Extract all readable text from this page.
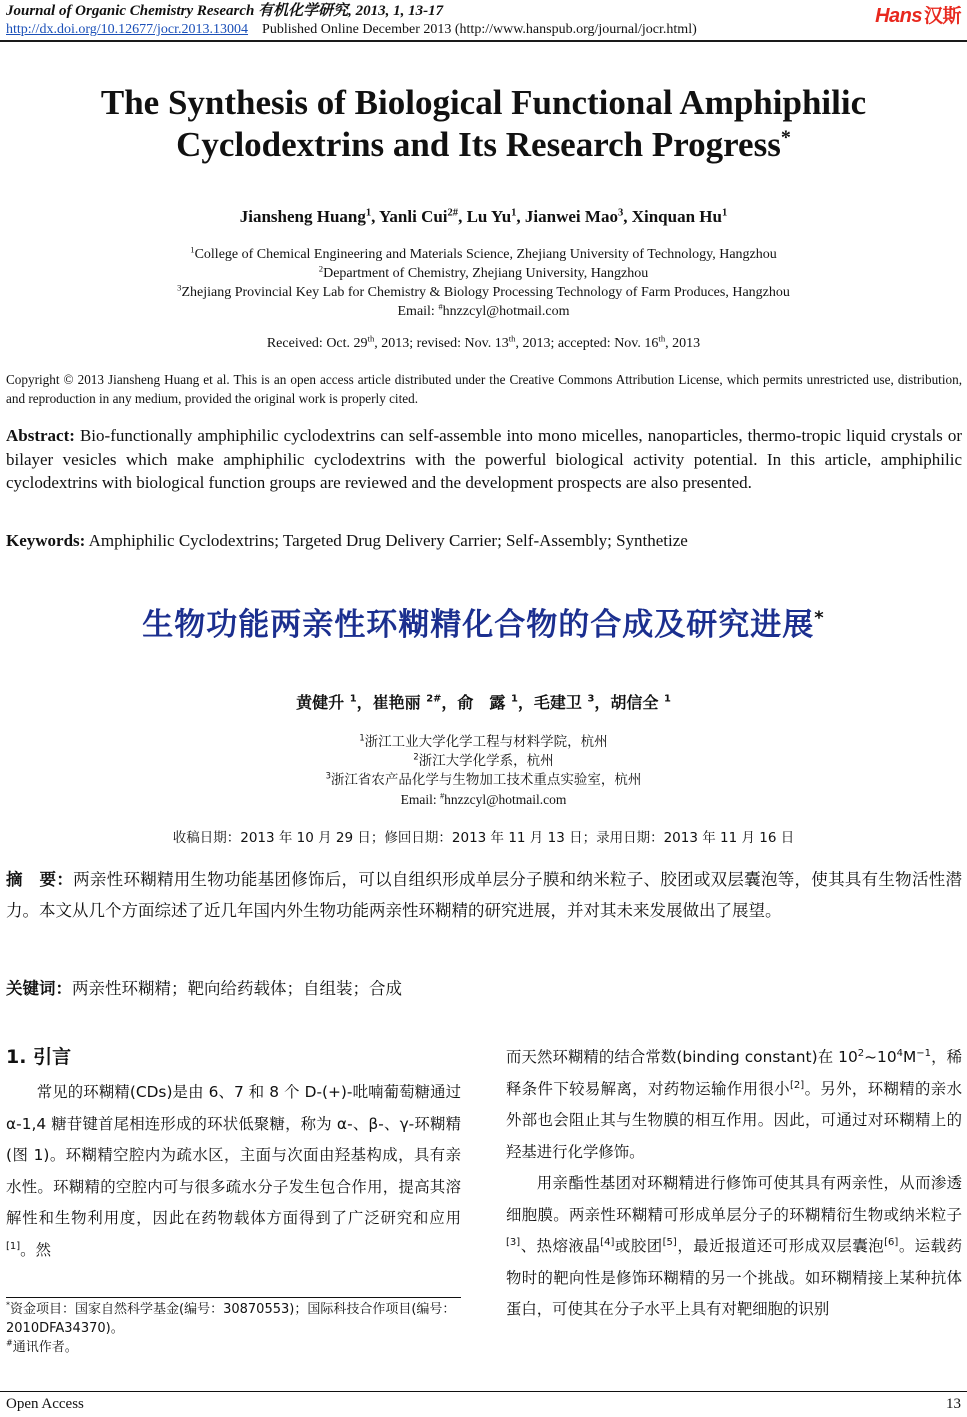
Journal of Organic Chemistry Research 有机化学研究, 2013, 1, 13-17
http://dx.doi.org/10.12677/jocr.2013.13004 Published Online December 2013 (http://www.hanspub.org/journal/jocr.html)
Hans 汉斯
The Synthesis of Biological Functional Amphiphilic
Cyclodextrins and Its Research Progress*
Jiansheng Huang$^1$, Yanli Cui$^{2\#}$, Lu Yu$^1$, Jianwei Mao$^3$, Xinquan Hu$^1$
$^1$College of Chemical Engineering and Materials Science, Zhejiang University of Technology, Hangzhou
$^2$Department of Chemistry, Zhejiang University, Hangzhou
$^3$Zhejiang Provincial Key Lab for Chemistry & Biology Processing Technology of Farm Produces, Hangzhou
Email: #hnzzcyl@hotmail.com
Received: Oct. 29th, 2013; revised: Nov. 13th, 2013; accepted: Nov. 16th, 2013
Copyright © 2013 Jiansheng Huang et al. This is an open access article distributed under the Creative Commons Attribution License, which permits unrestricted use, distribution, and reproduction in any medium, provided the original work is properly cited.
Abstract: Bio-functionally amphiphilic cyclodextrins can self-assemble into mono micelles, nanoparticles, thermo-tropic liquid crystals or bilayer vesicles which make amphiphilic cyclodextrins with the powerful biological activity potential. In this article, amphiphilic cyclodextrins with biological function groups are reviewed and the development prospects are also presented.
Keywords: Amphiphilic Cyclodextrins; Targeted Drug Delivery Carrier; Self-Assembly; Synthetize
生物功能两亲性环糊精化合物的合成及研究进展*
黄健升 $^1$，崔艳丽 $^{2\#}$，俞　露 $^1$，毛建卫 $^3$，胡信全 $^1$
$^1$浙江工业大学化学工程与材料学院，杭州
$^2$浙江大学化学系，杭州
$^3$浙江省农产品化学与生物加工技术重点实验室，杭州
Email: #hnzzcyl@hotmail.com
收稿日期：2013 年 10 月 29 日；修回日期：2013 年 11 月 13 日；录用日期：2013 年 11 月 16 日
摘　要：两亲性环糊精用生物功能基团修饰后，可以自组织形成单层分子膜和纳米粒子、胶团或双层囊泡等，使其具有生物活性潜力。本文从几个方面综述了近几年国内外生物功能两亲性环糊精的研究进展，并对其未来发展做出了展望。
关键词：两亲性环糊精；靶向给药载体；自组装；合成
1. 引言

常见的环糊精(CDs)是由 6、7 和 8 个 D-(+)-吡喃葡萄糖通过 α-1,4 糖苷键首尾相连形成的环状低聚糖，称为 α-、β-、γ-环糊精(图 1)。环糊精空腔内为疏水区，主面与次面由羟基构成，具有亲水性。环糊精的空腔内可与很多疏水分子发生包合作用，提高其溶解性和生物利用度，因此在药物载体方面得到了广泛研究和应用[1]。然

而天然环糊精的结合常数(binding constant)在 $10^2\sim 10^4M^{-1}$，稀释条件下较易解离，对药物运输作用很小[2]。另外，环糊精的亲水外部也会阻止其与生物膜的相互作用。因此，可通过对环糊精上的羟基进行化学修饰。

用亲酯性基团对环糊精进行修饰可使其具有两亲性，从而渗透细胞膜。两亲性环糊精可形成单层分子的环糊精衍生物或纳米粒子[3]、热熔液晶[4]或胶团[5]，最近报道还可形成双层囊泡[6]。运载药物时的靶向性是修饰环糊精的另一个挑战。如环糊精接上某种抗体蛋白，可使其在分子水平上具有对靶细胞的识别

*资金项目：国家自然科学基金(编号：30870553)；国际科技合作项目(编号：2010DFA34370)。
#通讯作者。
Open Access	13
